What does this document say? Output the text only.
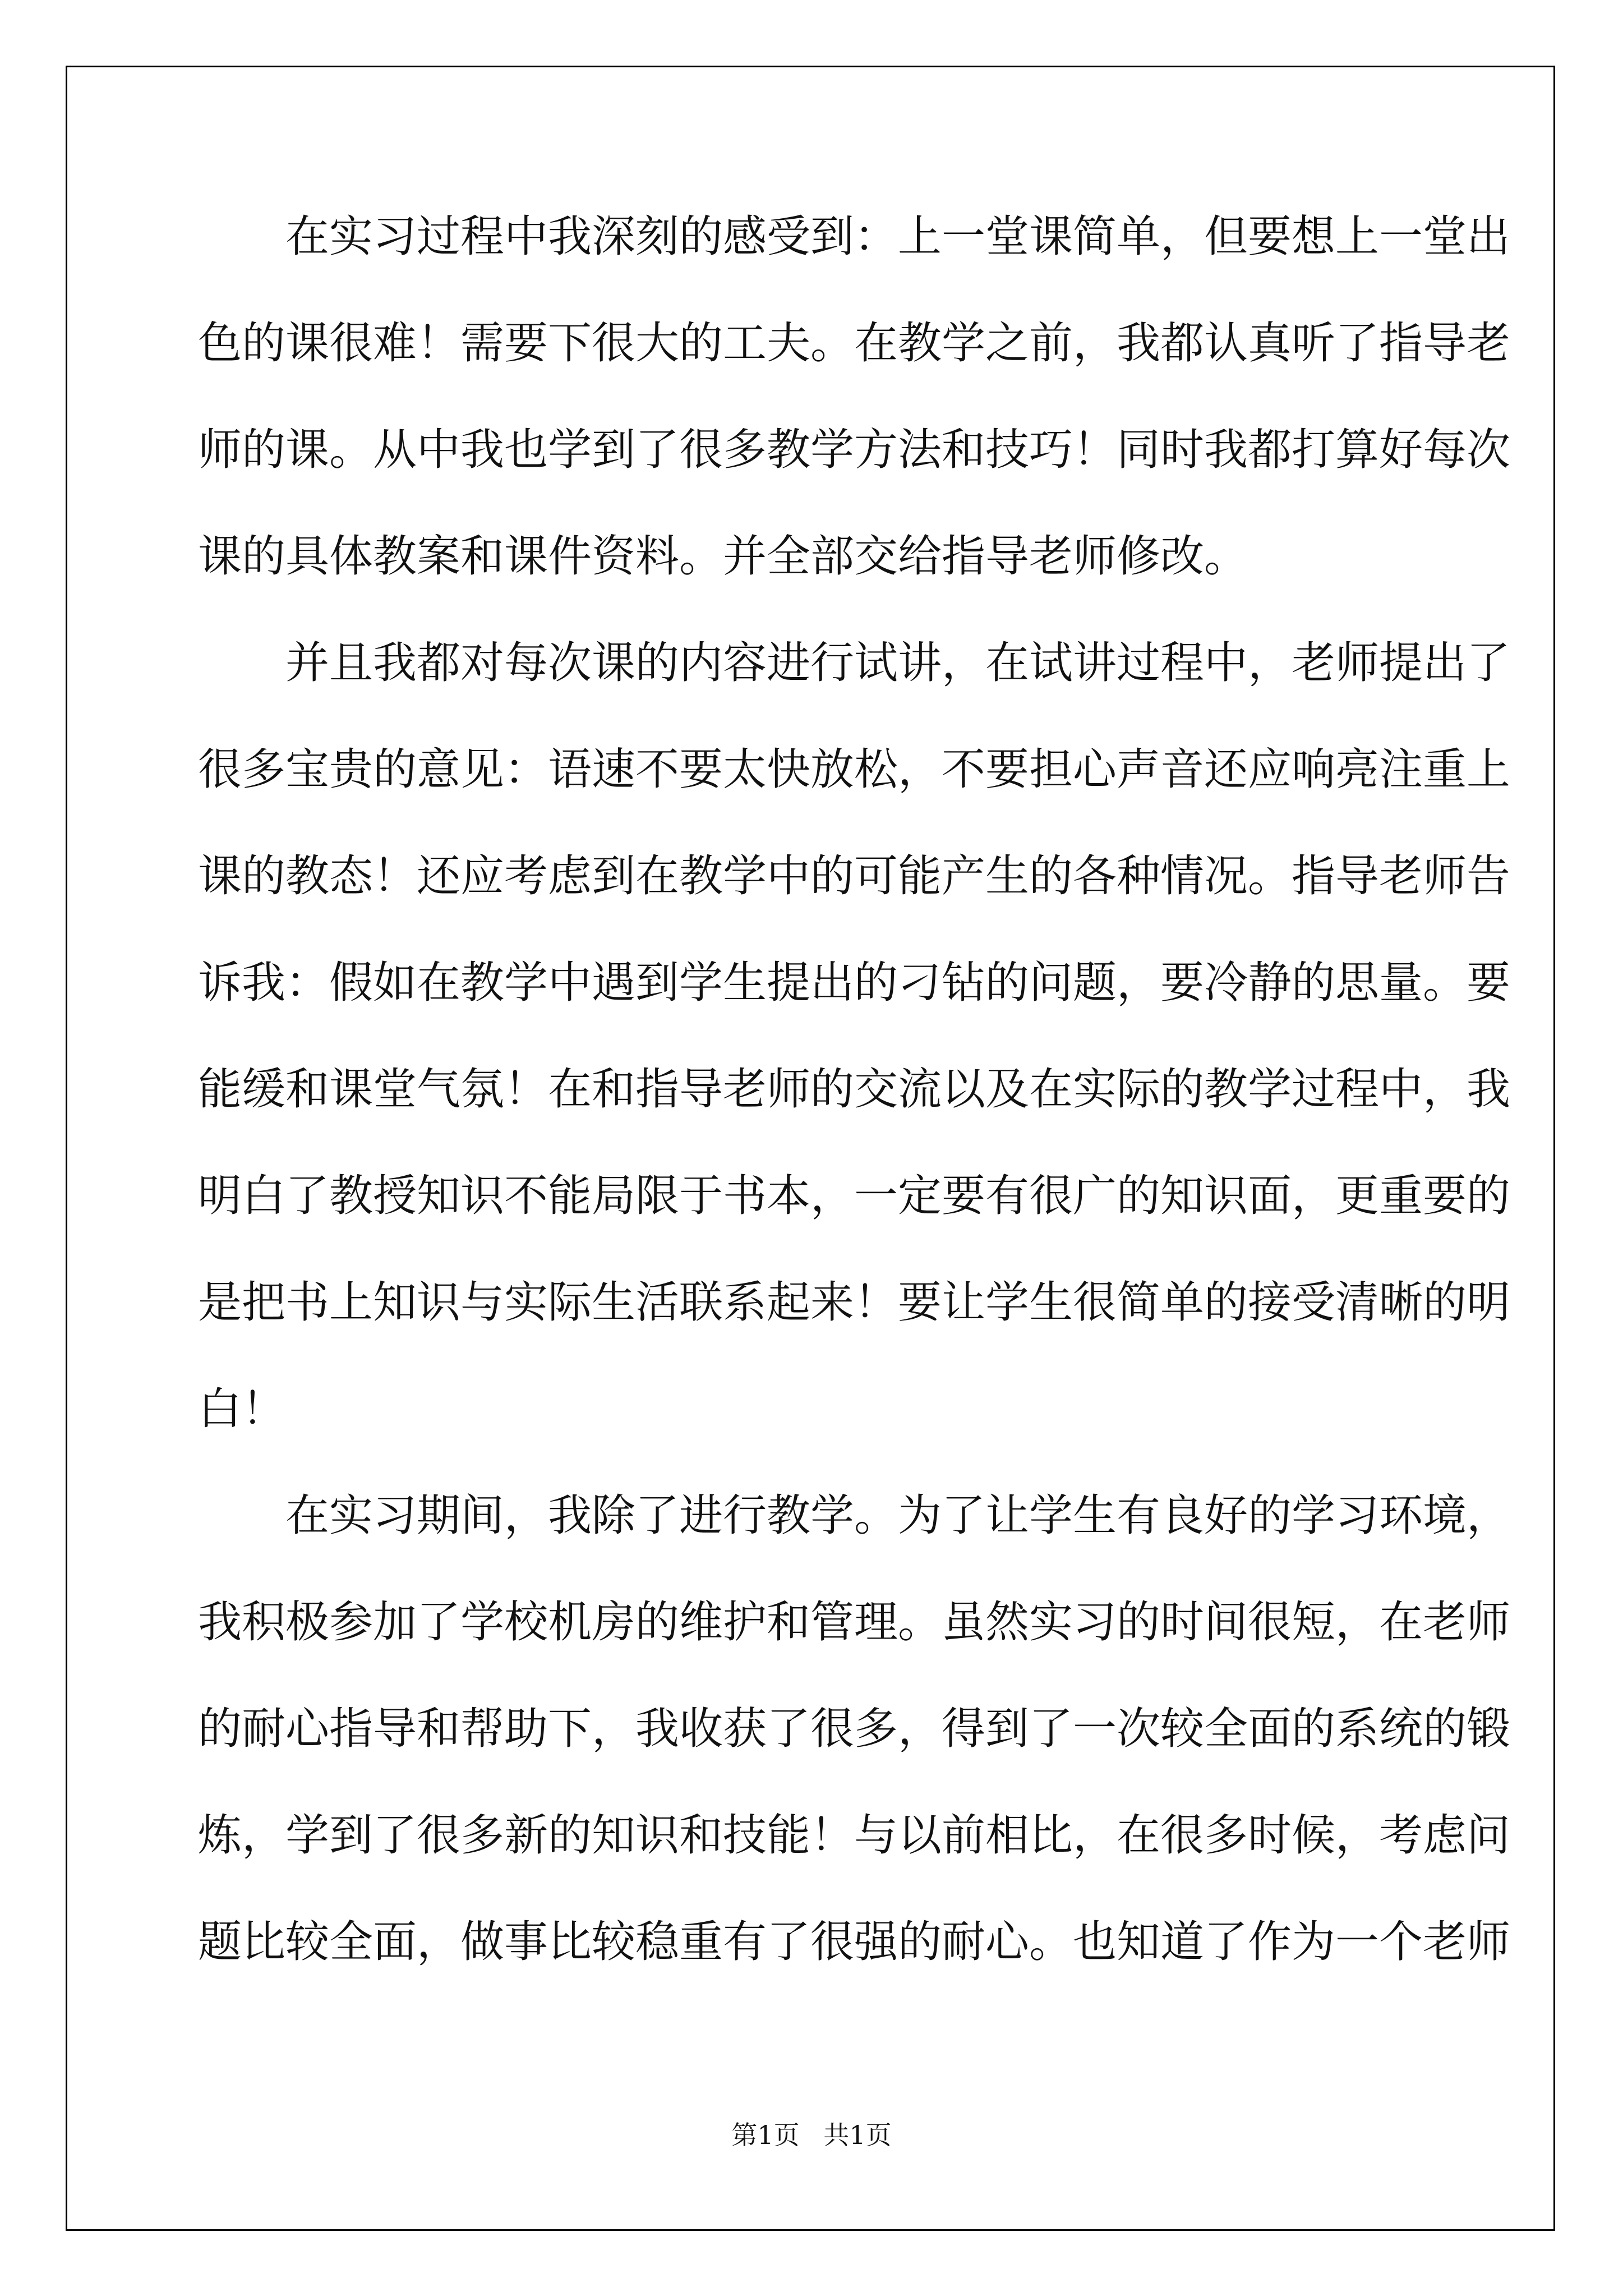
　　在实习过程中我深刻的感受到：上一堂课简单，但要想上一堂出
色的课很难！需要下很大的工夫。在教学之前，我都认真听了指导老
师的课。从中我也学到了很多教学方法和技巧！同时我都打算好每次
课的具体教案和课件资料。并全部交给指导老师修改。
　　并且我都对每次课的内容进行试讲，在试讲过程中，老师提出了
很多宝贵的意见：语速不要太快放松，不要担心声音还应响亮注重上
课的教态！还应考虑到在教学中的可能产生的各种情况。指导老师告
诉我：假如在教学中遇到学生提出的刁钻的问题，要冷静的思量。要
能缓和课堂气氛！在和指导老师的交流以及在实际的教学过程中，我
明白了教授知识不能局限于书本，一定要有很广的知识面，更重要的
是把书上知识与实际生活联系起来！要让学生很简单的接受清晰的明
白！
　　在实习期间，我除了进行教学。为了让学生有良好的学习环境，
我积极参加了学校机房的维护和管理。虽然实习的时间很短，在老师
的耐心指导和帮助下，我收获了很多，得到了一次较全面的系统的锻
炼，学到了很多新的知识和技能！与以前相比，在很多时候，考虑问
题比较全面，做事比较稳重有了很强的耐心。也知道了作为一个老师
第1页 共1页
